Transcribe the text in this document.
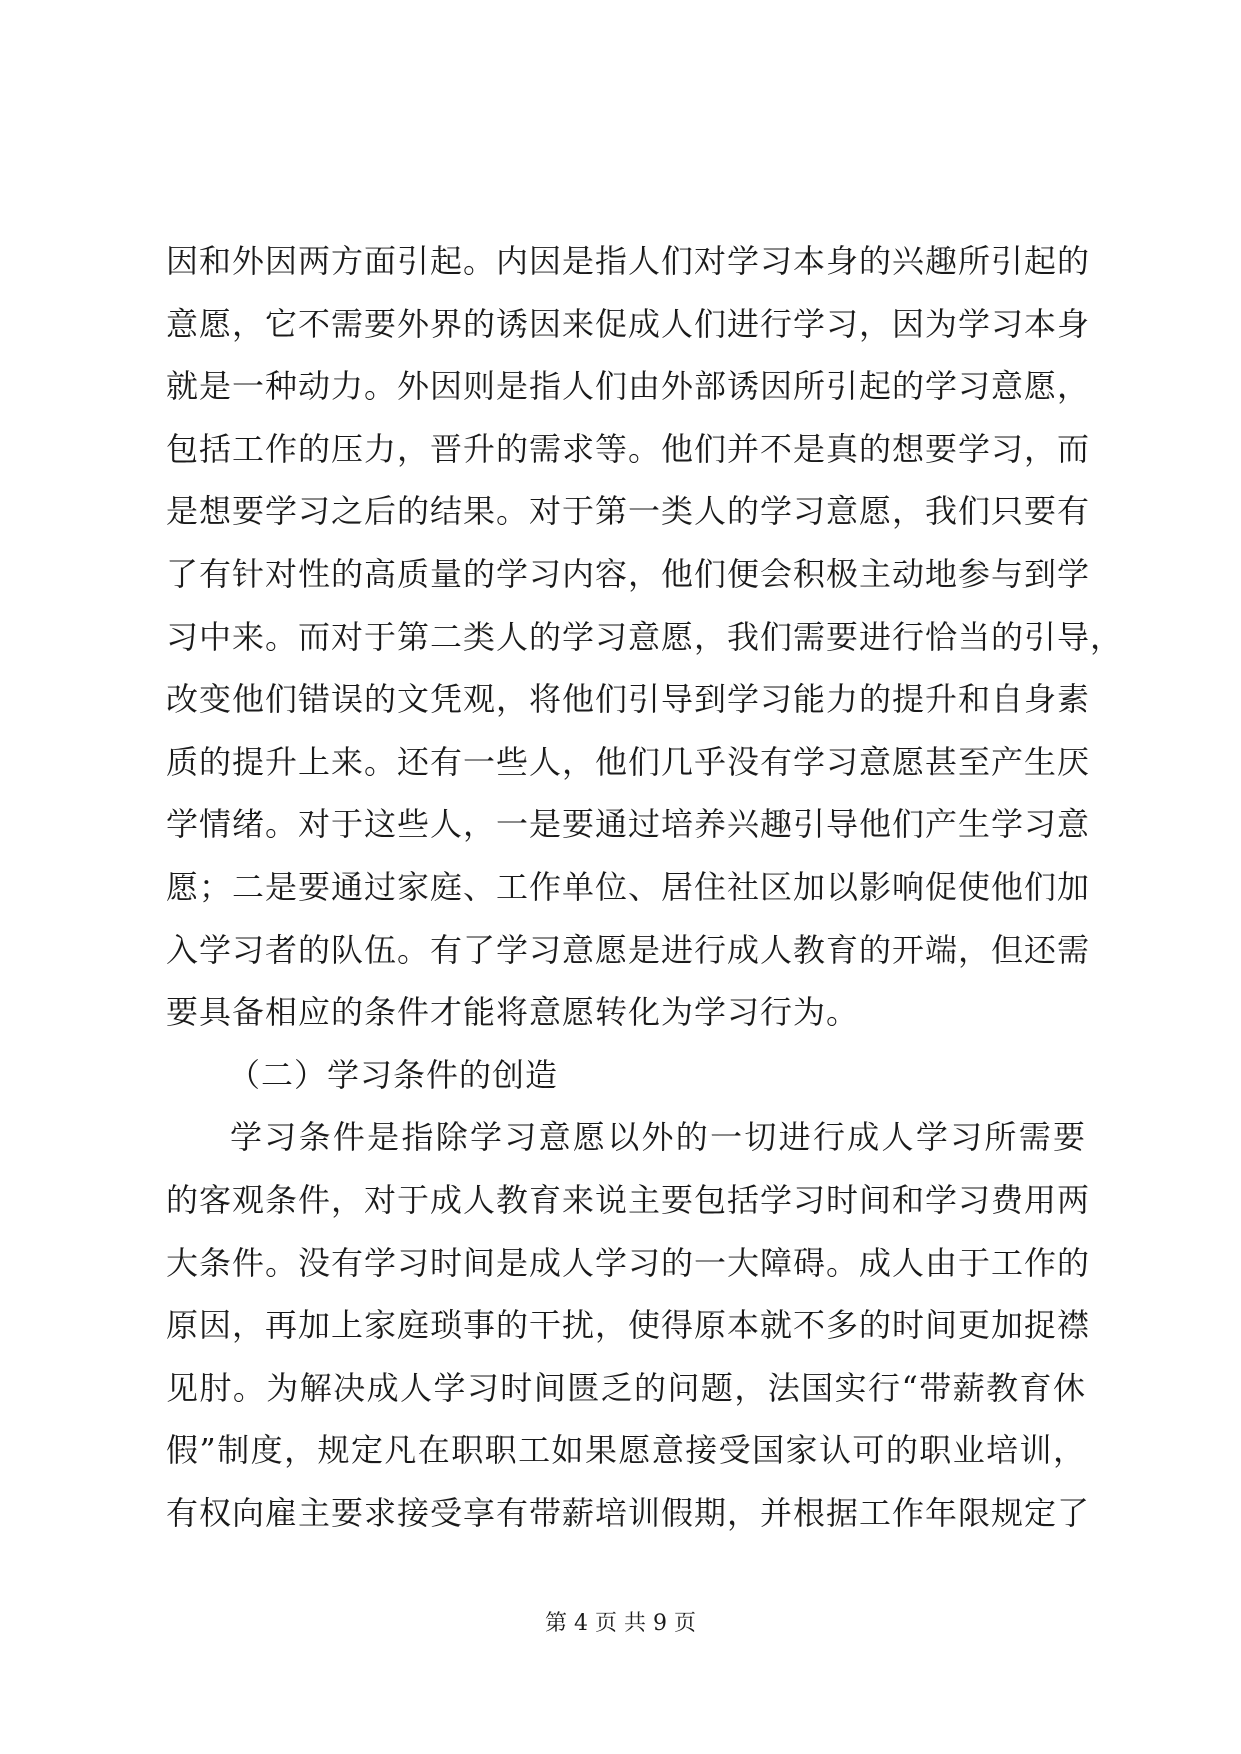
因和外因两方面引起。内因是指人们对学习本身的兴趣所引起的
意愿，它不需要外界的诱因来促成人们进行学习，因为学习本身
就是一种动力。外因则是指人们由外部诱因所引起的学习意愿，
包括工作的压力，晋升的需求等。他们并不是真的想要学习，而
是想要学习之后的结果。对于第一类人的学习意愿，我们只要有
了有针对性的高质量的学习内容，他们便会积极主动地参与到学
习中来。而对于第二类人的学习意愿，我们需要进行恰当的引导，
改变他们错误的文凭观，将他们引导到学习能力的提升和自身素
质的提升上来。还有一些人，他们几乎没有学习意愿甚至产生厌
学情绪。对于这些人，一是要通过培养兴趣引导他们产生学习意
愿；二是要通过家庭、工作单位、居住社区加以影响促使他们加
入学习者的队伍。有了学习意愿是进行成人教育的开端，但还需
要具备相应的条件才能将意愿转化为学习行为。
（二）学习条件的创造
学习条件是指除学习意愿以外的一切进行成人学习所需要
的客观条件，对于成人教育来说主要包括学习时间和学习费用两
大条件。没有学习时间是成人学习的一大障碍。成人由于工作的
原因，再加上家庭琐事的干扰，使得原本就不多的时间更加捉襟
见肘。为解决成人学习时间匮乏的问题，法国实行“带薪教育休
假”制度，规定凡在职职工如果愿意接受国家认可的职业培训，
有权向雇主要求接受享有带薪培训假期，并根据工作年限规定了
第 4 页 共 9 页
